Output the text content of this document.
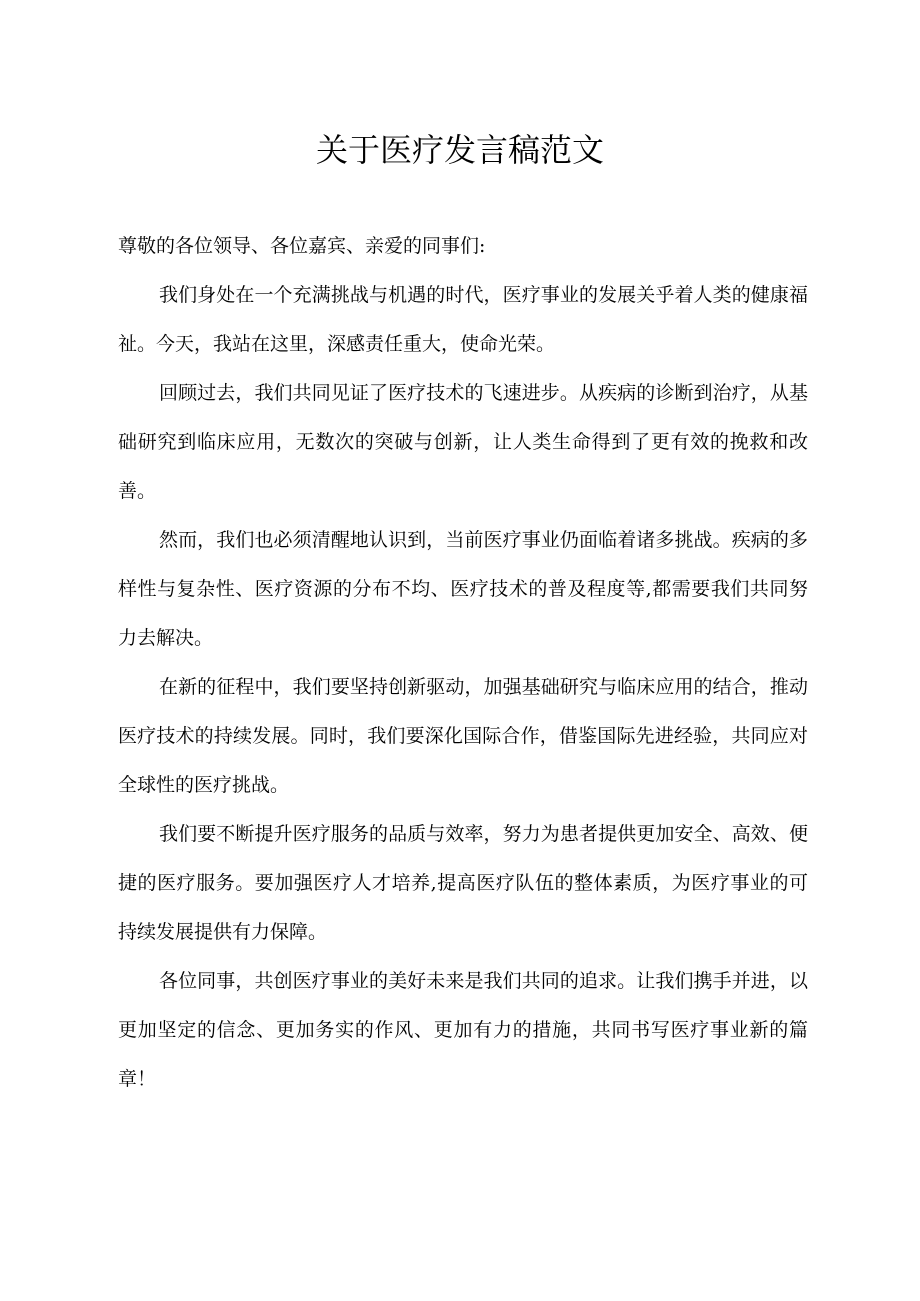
关于医疗发言稿范文

尊敬的各位领导、各位嘉宾、亲爱的同事们:

我们身处在一个充满挑战与机遇的时代，医疗事业的发展关乎着人类的健康福祉。今天，我站在这里，深感责任重大，使命光荣。

回顾过去，我们共同见证了医疗技术的飞速进步。从疾病的诊断到治疗，从基础研究到临床应用，无数次的突破与创新，让人类生命得到了更有效的挽救和改善。

然而，我们也必须清醒地认识到，当前医疗事业仍面临着诸多挑战。疾病的多样性与复杂性、医疗资源的分布不均、医疗技术的普及程度等,都需要我们共同努力去解决。

在新的征程中，我们要坚持创新驱动，加强基础研究与临床应用的结合，推动医疗技术的持续发展。同时，我们要深化国际合作，借鉴国际先进经验，共同应对全球性的医疗挑战。

我们要不断提升医疗服务的品质与效率，努力为患者提供更加安全、高效、便捷的医疗服务。要加强医疗人才培养,提高医疗队伍的整体素质，为医疗事业的可持续发展提供有力保障。

各位同事，共创医疗事业的美好未来是我们共同的追求。让我们携手并进，以更加坚定的信念、更加务实的作风、更加有力的措施，共同书写医疗事业新的篇章！
